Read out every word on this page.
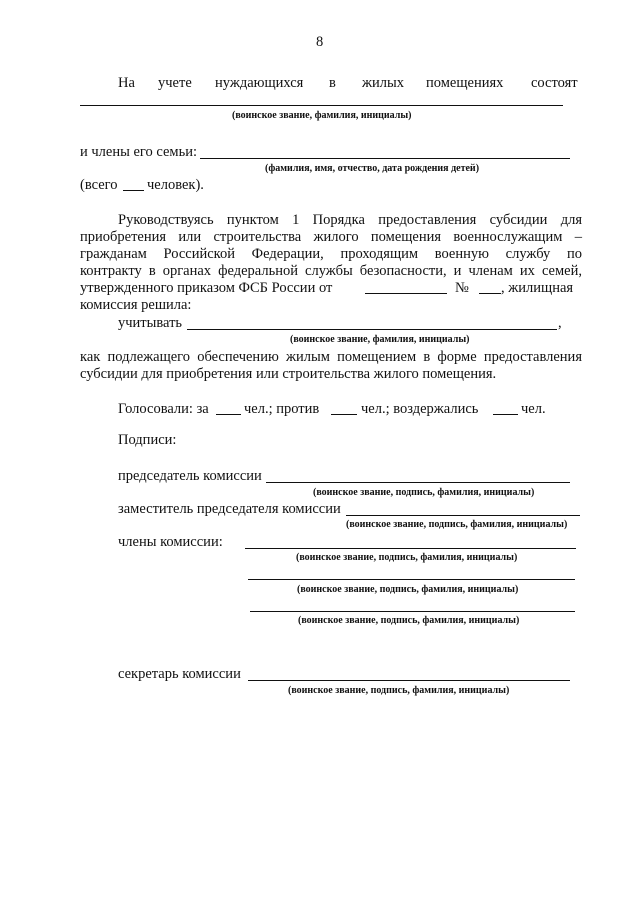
8
На учете нуждающихся в жилых помещениях состоят
(воинское звание, фамилия, инициалы)
и члены его семьи:
(фамилия, имя, отчество, дата рождения детей)
(всего человек).
Руководствуясь пунктом 1 Порядка предоставления субсидии для
приобретения или строительства жилого помещения военнослужащим –
гражданам Российской Федерации, проходящим военную службу по
контракту в органах федеральной службы безопасности, и членам их семей,
утвержденного приказом ФСБ России от	№ , жилищная
комиссия решила:
учитывать	,
(воинское звание, фамилия, инициалы)
как подлежащего обеспечению жилым помещением в форме предоставления
субсидии для приобретения или строительства жилого помещения.
Голосовали: за чел.; против	чел.; воздержались	чел.
Подписи:
председатель комиссии
(воинское звание, подпись, фамилия, инициалы)
заместитель председателя комиссии
(воинское звание, подпись, фамилия, инициалы)
члены комиссии:
(воинское звание, подпись, фамилия, инициалы)
(воинское звание, подпись, фамилия, инициалы)
(воинское звание, подпись, фамилия, инициалы)
секретарь комиссии
(воинское звание, подпись, фамилия, инициалы)
